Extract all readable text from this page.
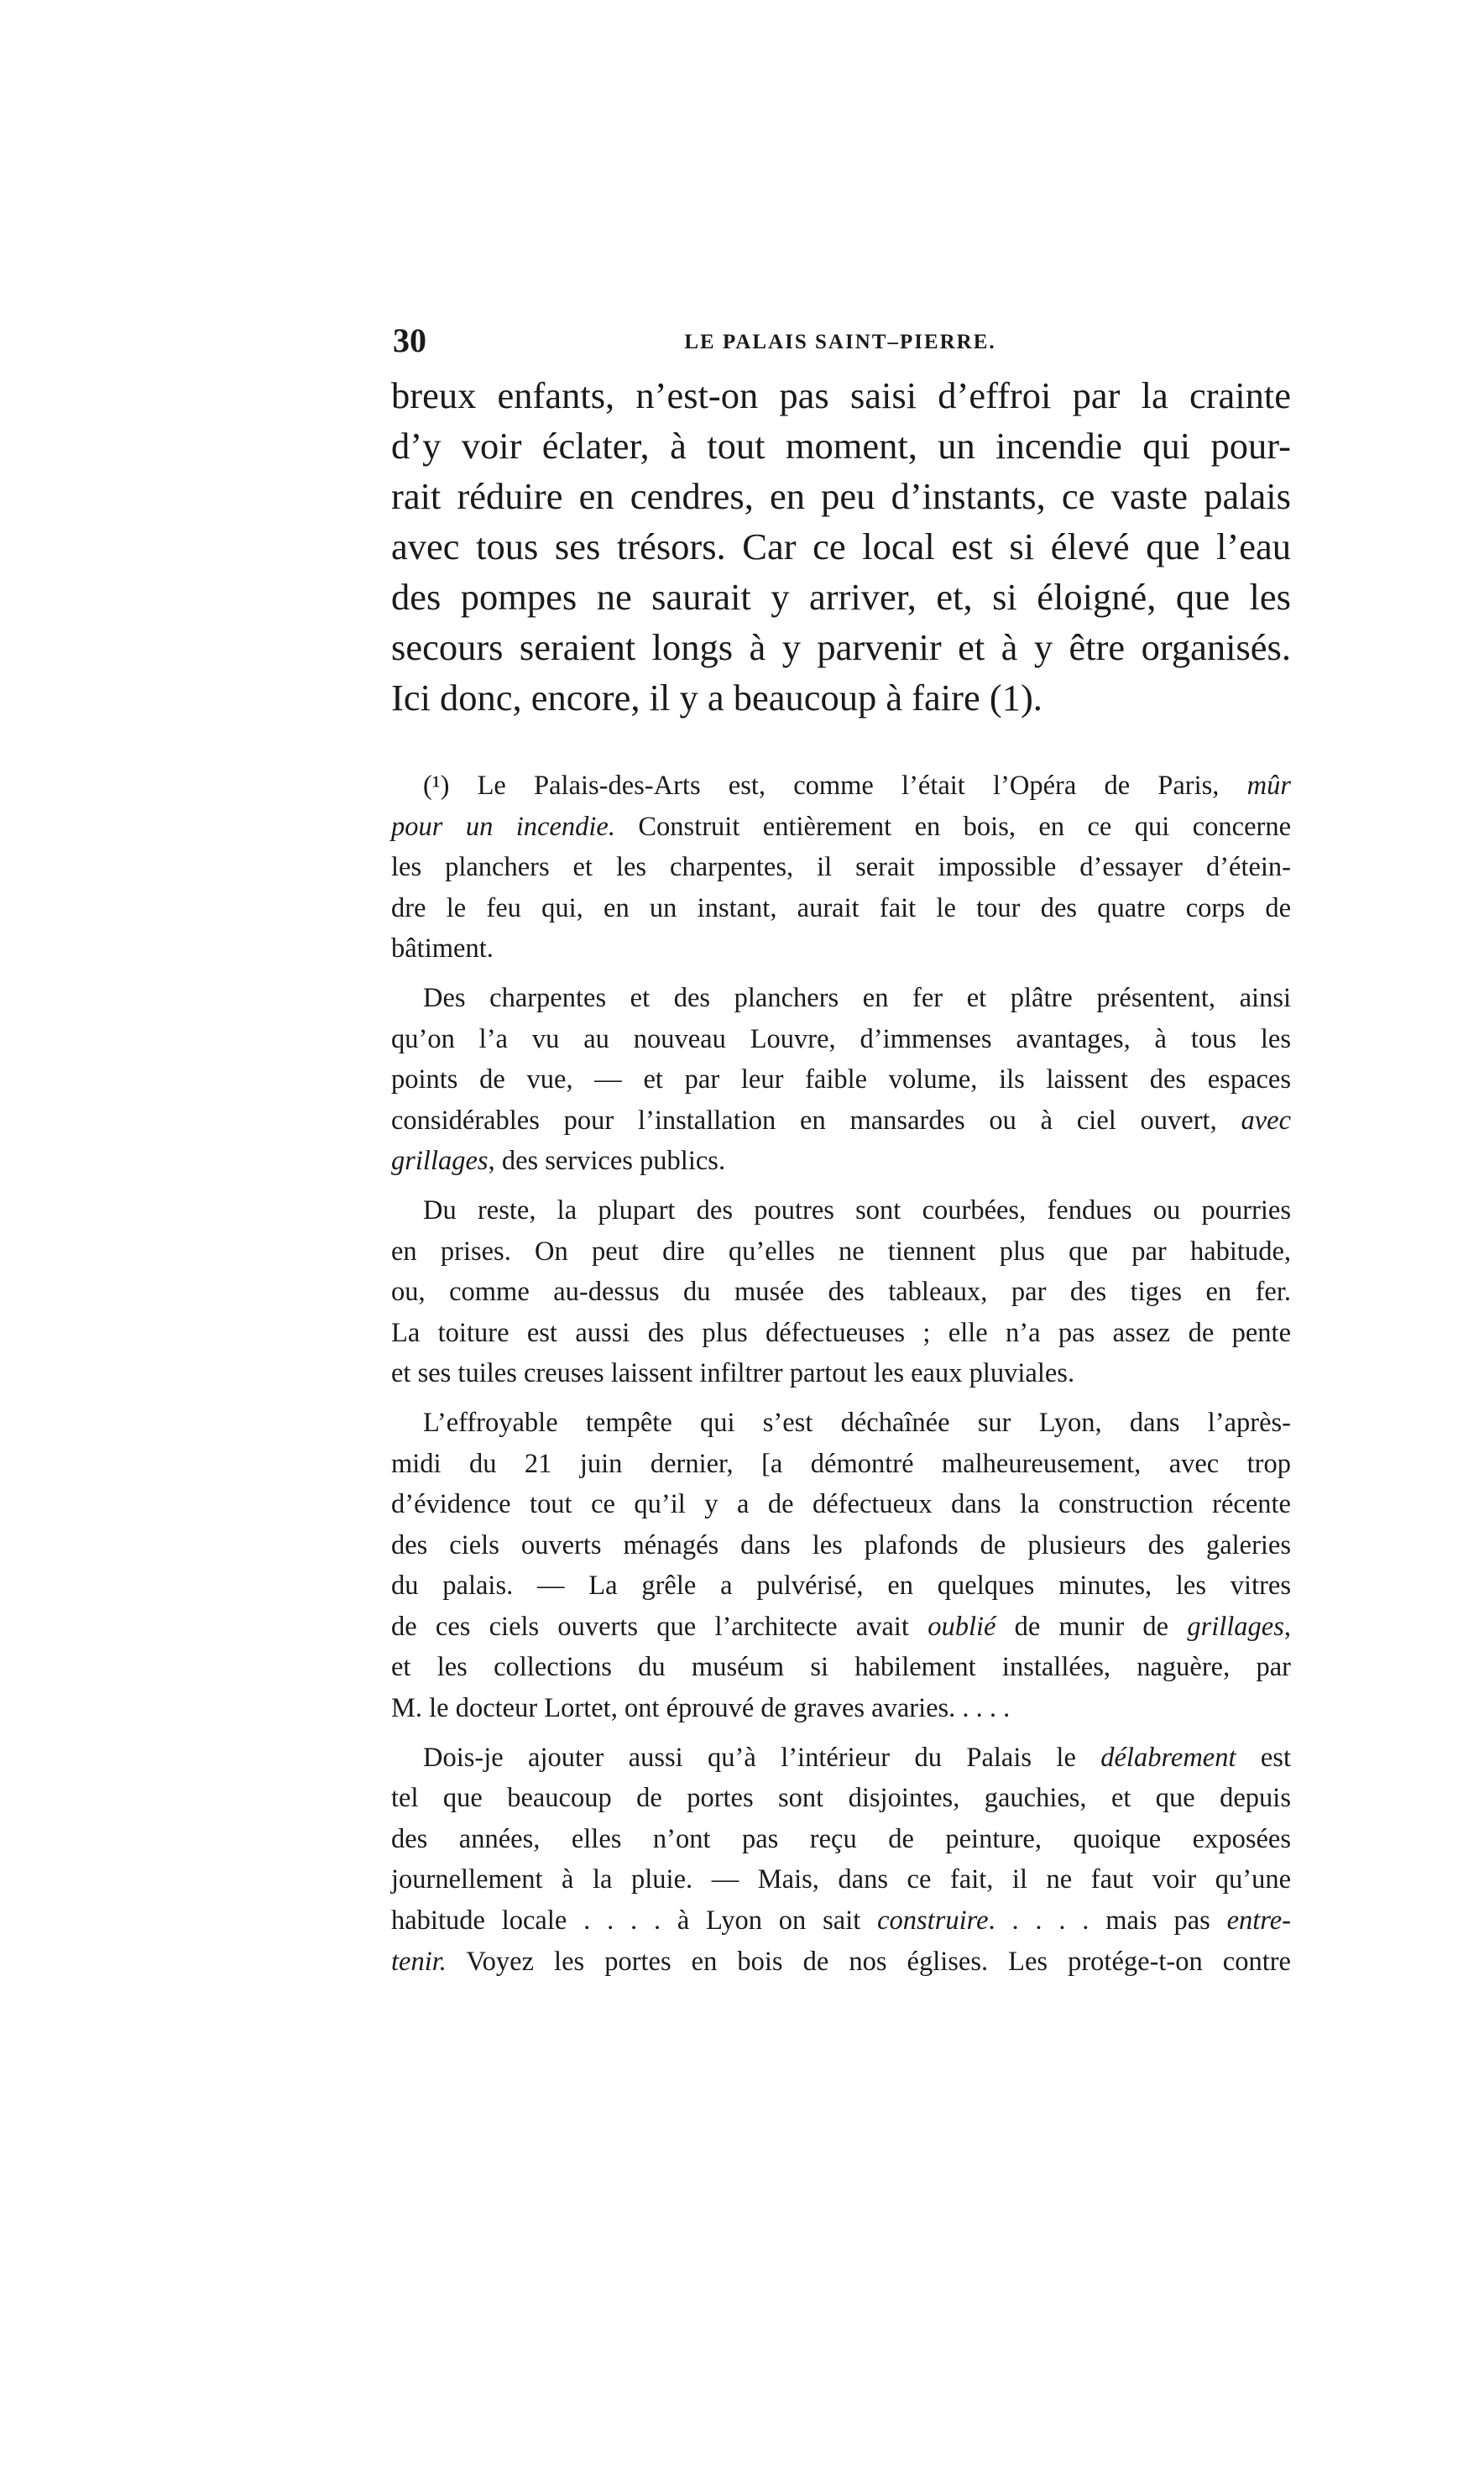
30	LE PALAIS SAINT–PIERRE.
breux enfants, n’est-on pas saisi d’effroi par la crainte
d’y voir éclater, à tout moment, un incendie qui pour-
rait réduire en cendres, en peu d’instants, ce vaste palais
avec tous ses trésors. Car ce local est si élevé que l’eau
des pompes ne saurait y arriver, et, si éloigné, que les
secours seraient longs à y parvenir et à y être organisés.
Ici donc, encore, il y a beaucoup à faire (1).
(¹) Le Palais-des-Arts est, comme l’était l’Opéra de Paris, mûr
pour un incendie. Construit entièrement en bois, en ce qui concerne
les planchers et les charpentes, il serait impossible d’essayer d’étein-
dre le feu qui, en un instant, aurait fait le tour des quatre corps de
bâtiment.
Des charpentes et des planchers en fer et plâtre présentent, ainsi
qu’on l’a vu au nouveau Louvre, d’immenses avantages, à tous les
points de vue, — et par leur faible volume, ils laissent des espaces
considérables pour l’installation en mansardes ou à ciel ouvert, avec
grillages, des services publics.
Du reste, la plupart des poutres sont courbées, fendues ou pourries
en prises. On peut dire qu’elles ne tiennent plus que par habitude,
ou, comme au-dessus du musée des tableaux, par des tiges en fer.
La toiture est aussi des plus défectueuses ; elle n’a pas assez de pente
et ses tuiles creuses laissent infiltrer partout les eaux pluviales.
L’effroyable tempête qui s’est déchaînée sur Lyon, dans l’après-
midi du 21 juin dernier, [a démontré malheureusement, avec trop
d’évidence tout ce qu’il y a de défectueux dans la construction récente
des ciels ouverts ménagés dans les plafonds de plusieurs des galeries
du palais. — La grêle a pulvérisé, en quelques minutes, les vitres
de ces ciels ouverts que l’architecte avait oublié de munir de grillages,
et les collections du muséum si habilement installées, naguère, par
M. le docteur Lortet, ont éprouvé de graves avaries. . . . .
Dois-je ajouter aussi qu’à l’intérieur du Palais le délabrement est
tel que beaucoup de portes sont disjointes, gauchies, et que depuis
des années, elles n’ont pas reçu de peinture, quoique exposées
journellement à la pluie. — Mais, dans ce fait, il ne faut voir qu’une
habitude locale . . . . à Lyon on sait construire. . . . . mais pas entre-
tenir. Voyez les portes en bois de nos églises. Les protége-t-on contre
